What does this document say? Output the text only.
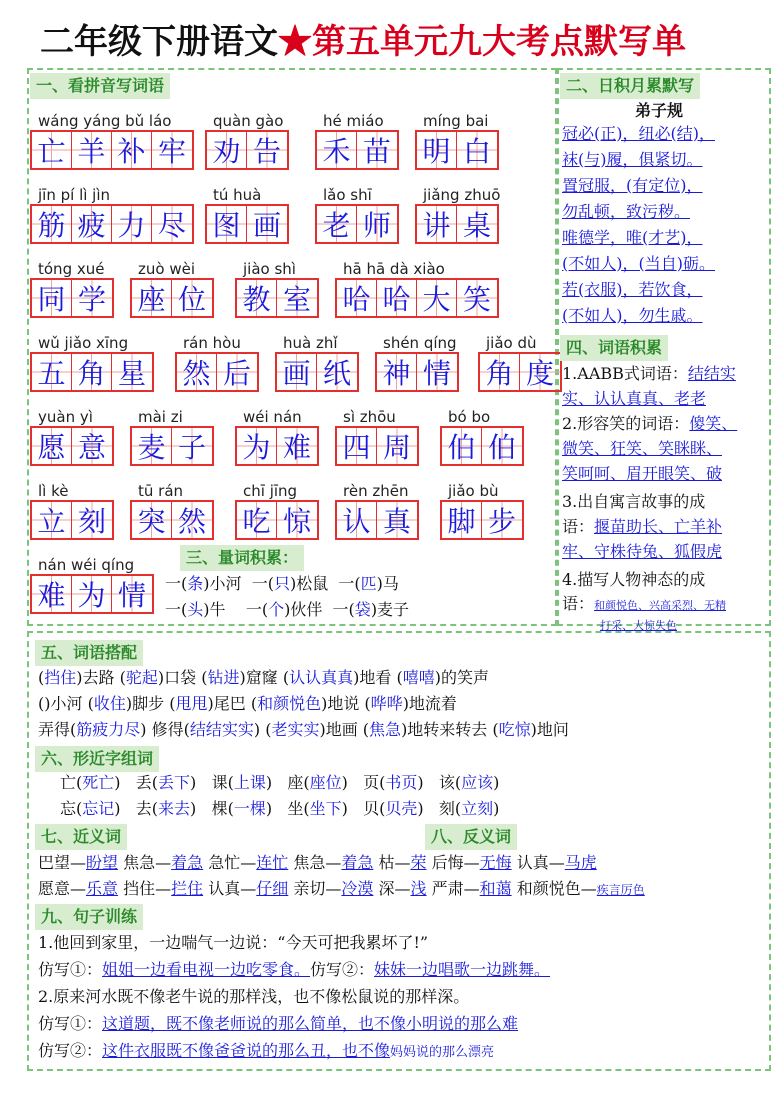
二年级下册语文★第五单元九大考点默写单
一、看拼音写词语
wáng yáng bǔ láo
亡 羊 补 牢
quàn gào
劝 告
hé miáo
禾 苗
míng bai
明 白
jīn pí lì jìn
筋 疲 力 尽
tú huà
图 画
lǎo shī
老 师
jiǎng zhuō
讲 桌
tóng xué
同 学
zuò wèi
座 位
jiào shì
教 室
hā hā dà xiào
哈 哈 大 笑
wǔ jiǎo xīng
五 角 星
rán hòu
然 后
huà zhǐ
画 纸
shén qíng
神 情
jiǎo dù
角 度
yuàn yì
愿 意
mài zi
麦 子
wéi nán
为 难
sì zhōu
四 周
bó bo
伯 伯
lì kè
立 刻
tū rán
突 然
chī jīng
吃 惊
rèn zhēn
认 真
jiǎo bù
脚 步
nán wéi qíng
难 为 情
三、量词积累：
一(条)小河 一(只)松鼠 一(匹)马
一(头)牛 一(个)伙伴 一(袋)麦子
二、日积月累默写
弟子规
冠必(正)，纽必(结)，
袜(与)履，俱紧切。
置冠服，(有定位)，
勿乱顿，致污秽。
唯德学，唯(才艺)，
(不如人)，(当自)砺。
若(衣服)，若饮食，
(不如人)，勿生戚。
四、词语积累
1.AABB式词语：结结实
实、认认真真、老老
2.形容笑的词语：傻笑、
微笑、狂笑、笑眯眯、
笑呵呵、眉开眼笑、破
3.出自寓言故事的成
语：揠苗助长、亡羊补
牢、守株待兔、狐假虎
4.描写人物神态的成
语：和颜悦色、兴高采烈、无精
打采、大惊失色
五、词语搭配
(挡住)去路 (驼起)口袋 (钻进)窟窿 (认认真真)地看 (嘻嘻)的笑声
()小河 (收住)脚步 (甩甩)尾巴 (和颜悦色)地说 (哗哗)地流着
弄得(筋疲力尽) 修得(结结实实) (老实实)地画 (焦急)地转来转去 (吃惊)地问
六、形近字组词
亡(死亡) 丢(丢下) 课(上课) 座(座位) 页(书页) 该(应该)
忘(忘记) 去(来去) 棵(一棵) 坐(坐下) 贝(贝壳) 刻(立刻)
七、近义词	八、反义词
巴望—盼望 焦急—着急 急忙—连忙 焦急—着急 枯—荣 后悔—无悔 认真—马虎
愿意—乐意 挡住—拦住 认真—仔细 亲切—冷漠 深—浅 严肃—和蔼 和颜悦色—疾言厉色
九、句子训练
1.他回到家里，一边喘气一边说：“今天可把我累坏了!”
仿写①：姐姐一边看电视一边吃零食。仿写②：妹妹一边唱歌一边跳舞。
2.原来河水既不像老牛说的那样浅，也不像松鼠说的那样深。
仿写①：这道题，既不像老师说的那么简单，也不像小明说的那么难
仿写②：这件衣服既不像爸爸说的那么丑，也不像妈妈说的那么漂亮
